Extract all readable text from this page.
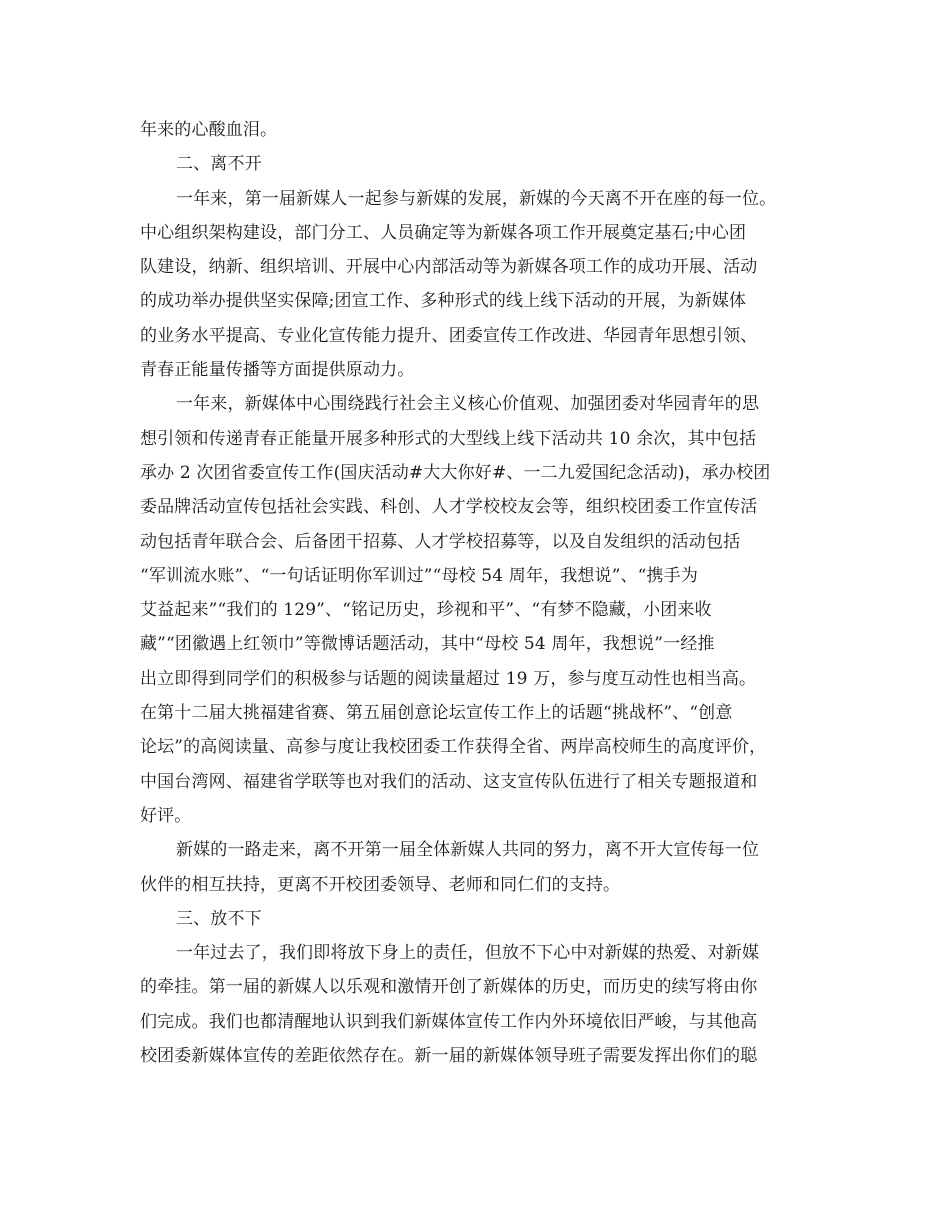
年来的心酸血泪。
二、离不开
一年来，第一届新媒人一起参与新媒的发展，新媒的今天离不开在座的每一位。
中心组织架构建设，部门分工、人员确定等为新媒各项工作开展奠定基石;中心团
队建设，纳新、组织培训、开展中心内部活动等为新媒各项工作的成功开展、活动
的成功举办提供坚实保障;团宣工作、多种形式的线上线下活动的开展，为新媒体
的业务水平提高、专业化宣传能力提升、团委宣传工作改进、华园青年思想引领、
青春正能量传播等方面提供原动力。
一年来，新媒体中心围绕践行社会主义核心价值观、加强团委对华园青年的思
想引领和传递青春正能量开展多种形式的大型线上线下活动共 10 余次，其中包括
承办 2 次团省委宣传工作(国庆活动#大大你好#、一二九爱国纪念活动)，承办校团
委品牌活动宣传包括社会实践、科创、人才学校校友会等，组织校团委工作宣传活
动包括青年联合会、后备团干招募、人才学校招募等，以及自发组织的活动包括
“军训流水账”、“一句话证明你军训过”“母校 54 周年，我想说”、“携手为
艾益起来”“我们的 129”、“铭记历史，珍视和平”、“有梦不隐藏，小团来收
藏”“团徽遇上红领巾”等微博话题活动，其中“母校 54 周年，我想说”一经推
出立即得到同学们的积极参与话题的阅读量超过 19 万，参与度互动性也相当高。
在第十二届大挑福建省赛、第五届创意论坛宣传工作上的话题“挑战杯”、“创意
论坛”的高阅读量、高参与度让我校团委工作获得全省、两岸高校师生的高度评价，
中国台湾网、福建省学联等也对我们的活动、这支宣传队伍进行了相关专题报道和
好评。
新媒的一路走来，离不开第一届全体新媒人共同的努力，离不开大宣传每一位
伙伴的相互扶持，更离不开校团委领导、老师和同仁们的支持。
三、放不下
一年过去了，我们即将放下身上的责任，但放不下心中对新媒的热爱、对新媒
的牵挂。第一届的新媒人以乐观和激情开创了新媒体的历史，而历史的续写将由你
们完成。我们也都清醒地认识到我们新媒体宣传工作内外环境依旧严峻，与其他高
校团委新媒体宣传的差距依然存在。新一届的新媒体领导班子需要发挥出你们的聪
